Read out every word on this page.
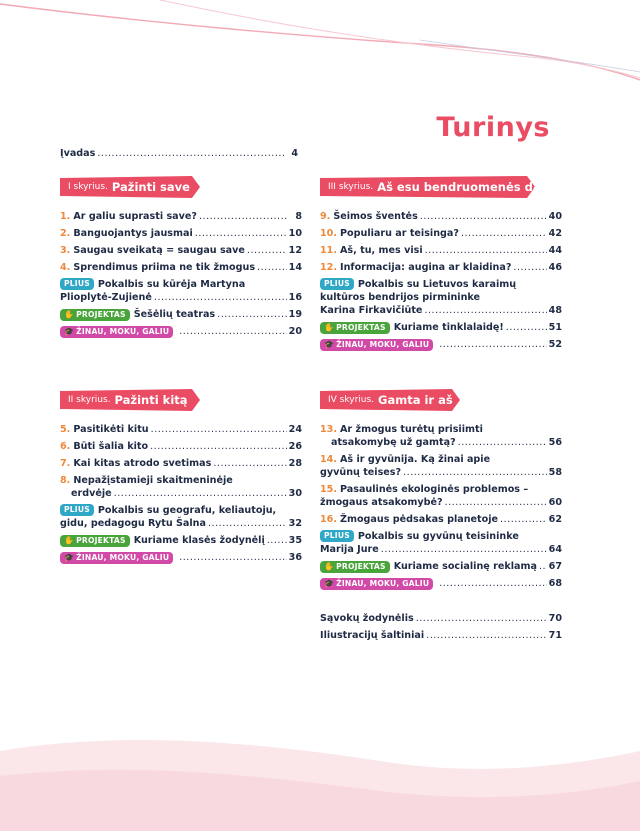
Turinys
Įvadas .....	4
I skyrius. Pažinti save
1. Ar galiu suprasti save? .....	8
2. Banguojantys jausmai .....	10
3. Saugau sveikatą = saugau save .....	12
4. Sprendimus priima ne tik žmogus .....	14
PLIUS Pokalbis su kūrėja Martyna
Plioplytė-Zujienė .....	16
✋ PROJEKTAS Šešėlių teatras .....	19
🎓 ŽINAU, MOKU, GALIU .....	20
II skyrius. Pažinti kitą
5. Pasitikėti kitu .....	24
6. Būti šalia kito .....	26
7. Kai kitas atrodo svetimas .....	28
8. Nepažįstamieji skaitmeninėje
erdvėje .....	30
PLIUS Pokalbis su geografu, keliautoju,
gidu, pedagogu Rytu Šalna .....	32
✋ PROJEKTAS Kuriame klasės žodynėlį ..... 35
🎓 ŽINAU, MOKU, GALIU .....	36
III skyrius. Aš esu bendruomenės dalis
9. Šeimos šventės .....	40
10. Populiaru ar teisinga? .....	42
11. Aš, tu, mes visi .....	44
12. Informacija: augina ar klaidina? .....	46
PLIUS Pokalbis su Lietuvos karaimų
kultūros bendrijos pirmininke
Karina Firkavičiūte .....	48
✋ PROJEKTAS Kuriame tinklalaidę! .....	51
🎓 ŽINAU, MOKU, GALIU .....	52
IV skyrius. Gamta ir aš
13. Ar žmogus turėtų prisiimti
atsakomybę už gamtą? .....	56
14. Aš ir gyvūnija. Ką žinai apie
gyvūnų teises? .....	58
15. Pasaulinės ekologinės problemos –
žmogaus atsakomybė? .....	60
16. Žmogaus pėdsakas planetoje .....	62
PLIUS Pokalbis su gyvūnų teisininke
Marija Jure .....	64
✋ PROJEKTAS Kuriame socialinę reklamą ..... 67
🎓 ŽINAU, MOKU, GALIU .....	68
Sąvokų žodynėlis .....	70
Iliustracijų šaltiniai .....	71
